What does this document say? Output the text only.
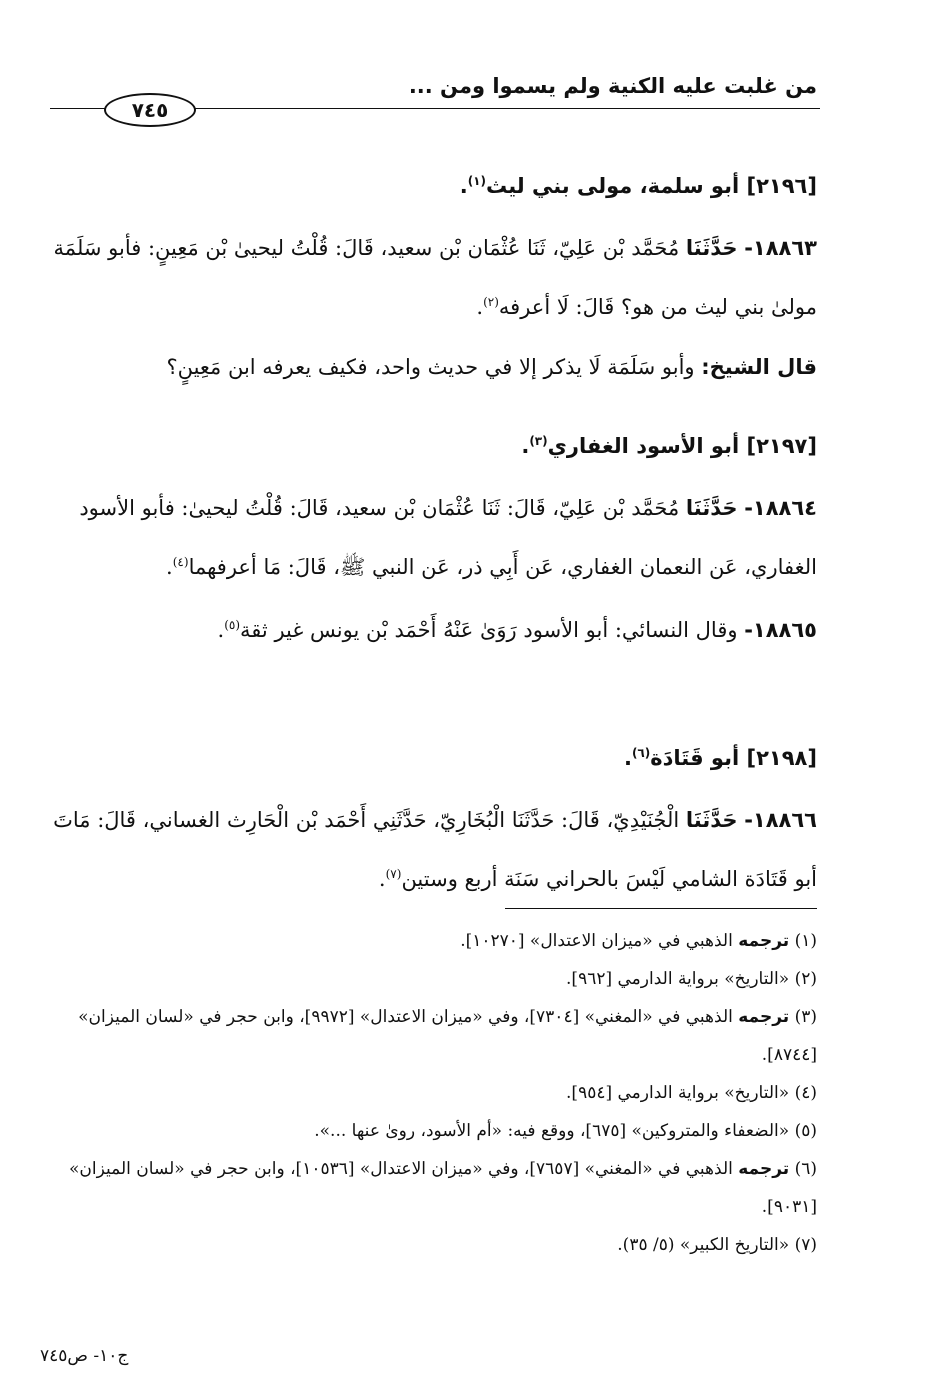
من غلبت عليه الكنية ولم يسموا ومن ...
٧٤٥
[٢١٩٦] أبو سلمة، مولى بني ليث$^{(١)}$.
١٨٨٦٣- حَدَّثَنَا مُحَمَّد بْن عَلِيّ، ثَنَا عُثْمَان بْن سعيد، قَالَ: قُلْتُ ليحيىٰ بْن مَعِينٍ: فأبو سَلَمَة مولىٰ بني ليث من هو؟ قَالَ: لَا أعرفه$^{(٢)}$.
قال الشيخ: وأبو سَلَمَة لَا يذكر إلا في حديث واحد، فكيف يعرفه ابن مَعِينٍ؟
[٢١٩٧] أبو الأسود الغفاري$^{(٣)}$.
١٨٨٦٤- حَدَّثَنَا مُحَمَّد بْن عَلِيّ، قَالَ: ثَنَا عُثْمَان بْن سعيد، قَالَ: قُلْتُ ليحيىٰ: فأبو الأسود الغفاري، عَن النعمان الغفاري، عَن أَبِي ذر، عَن النبي ﷺ، قَالَ: مَا أعرفهما$^{(٤)}$.
١٨٨٦٥- وقال النسائي: أبو الأسود رَوَىٰ عَنْهُ أَحْمَد بْن يونس غير ثقة$^{(٥)}$.
[٢١٩٨] أبو قَتَادَة$^{(٦)}$.
١٨٨٦٦- حَدَّثَنَا الْجُنَيْدِيّ، قَالَ: حَدَّثَنَا الْبُخَارِيّ، حَدَّثَنِي أَحْمَد بْن الْحَارِث الغساني، قَالَ: مَاتَ أبو قَتَادَة الشامي لَيْسَ بالحراني سَنَة أربع وستين$^{(٧)}$.
(١) ترجمه الذهبي في «ميزان الاعتدال» [١٠٢٧٠].
(٢) «التاريخ» برواية الدارمي [٩٦٢].
(٣) ترجمه الذهبي في «المغني» [٧٣٠٤]، وفي «ميزان الاعتدال» [٩٩٧٢]، وابن حجر في «لسان الميزان» [٨٧٤٤].
(٤) «التاريخ» برواية الدارمي [٩٥٤].
(٥) «الضعفاء والمتروكين» [٦٧٥]، ووقع فيه: «أم الأسود، روىٰ عنها ...».
(٦) ترجمه الذهبي في «المغني» [٧٦٥٧]، وفي «ميزان الاعتدال» [١٠٥٣٦]، وابن حجر في «لسان الميزان» [٩٠٣١].
(٧) «التاريخ الكبير» (٥/ ٣٥).
ج١٠- ص٧٤٥
